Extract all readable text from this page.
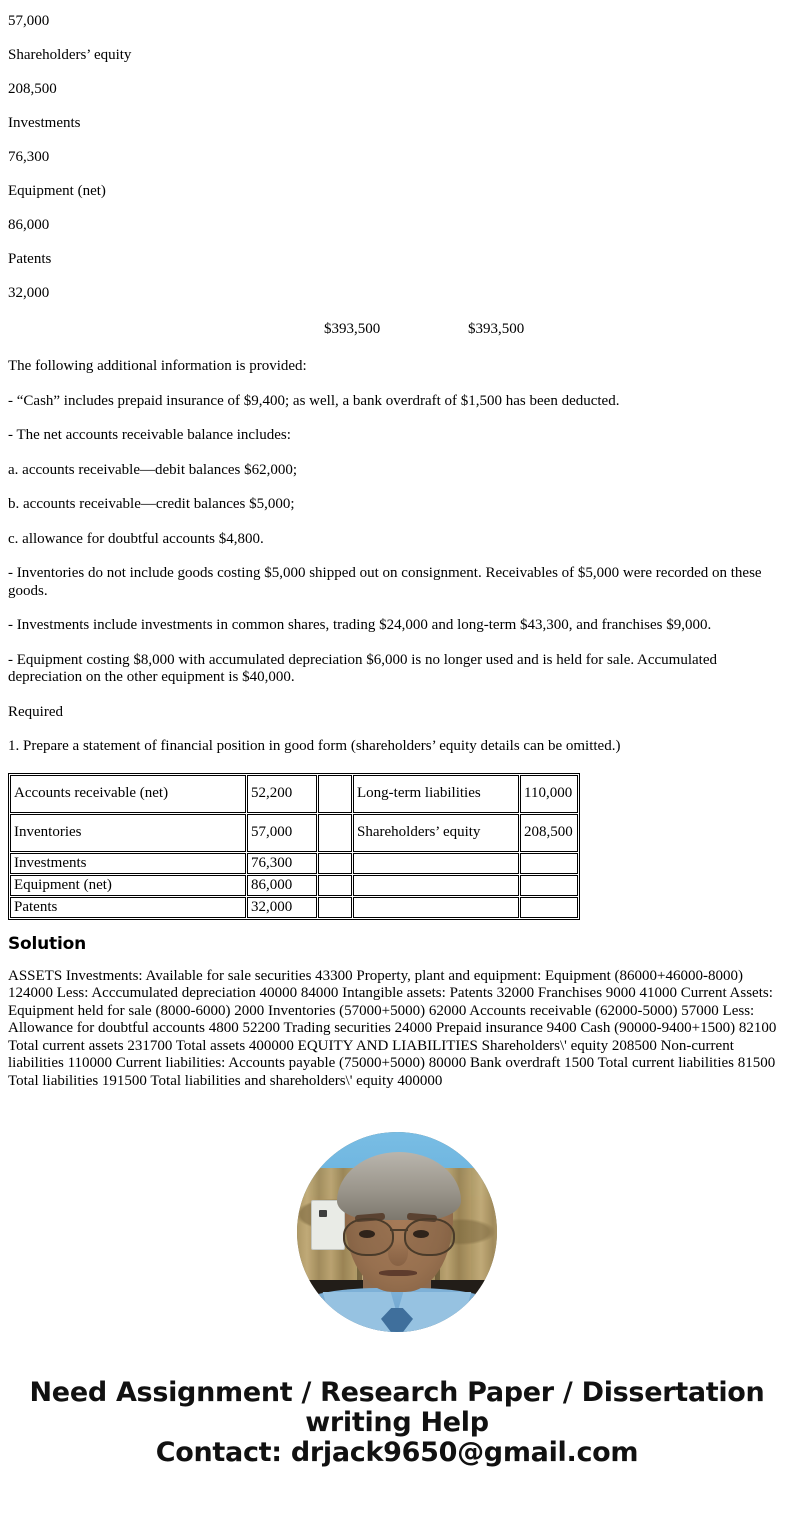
57,000

Shareholders’ equity

208,500

Investments

76,300

Equipment (net)

86,000

Patents

32,000

$393,500	$393,500

The following additional information is provided:

- “Cash” includes prepaid insurance of $9,400; as well, a bank overdraft of $1,500 has been deducted.

- The net accounts receivable balance includes:

a. accounts receivable—debit balances $62,000;

b. accounts receivable—credit balances $5,000;

c. allowance for doubtful accounts $4,800.

- Inventories do not include goods costing $5,000 shipped out on consignment. Receivables of $5,000 were recorded on these goods.

- Investments include investments in common shares, trading $24,000 and long-term $43,300, and franchises $9,000.

- Equipment costing $8,000 with accumulated depreciation $6,000 is no longer used and is held for sale. Accumulated depreciation on the other equipment is $40,000.

Required

1. Prepare a statement of financial position in good form (shareholders’ equity details can be omitted.)

Accounts receivable (net)	52,200		Long-term liabilities	110,000
Inventories	57,000		Shareholders’ equity	208,500
Investments	76,300			
Equipment (net)	86,000			
Patents	32,000			
Solution

ASSETS Investments: Available for sale securities 43300 Property, plant and equipment: Equipment (86000+46000-8000) 124000 Less: Acccumulated depreciation 40000 84000 Intangible assets: Patents 32000 Franchises 9000 41000 Current Assets: Equipment held for sale (8000-6000) 2000 Inventories (57000+5000) 62000 Accounts receivable (62000-5000) 57000 Less: Allowance for doubtful accounts 4800 52200 Trading securities 24000 Prepaid insurance 9400 Cash (90000-9400+1500) 82100 Total current assets 231700 Total assets 400000 EQUITY AND LIABILITIES Shareholders\' equity 208500 Non-current liabilities 110000 Current liabilities: Accounts payable (75000+5000) 80000 Bank overdraft 1500 Total current liabilities 81500 Total liabilities 191500 Total liabilities and shareholders\' equity 400000

Need Assignment / Research Paper / Dissertation
writing Help
Contact: drjack9650@gmail.com
